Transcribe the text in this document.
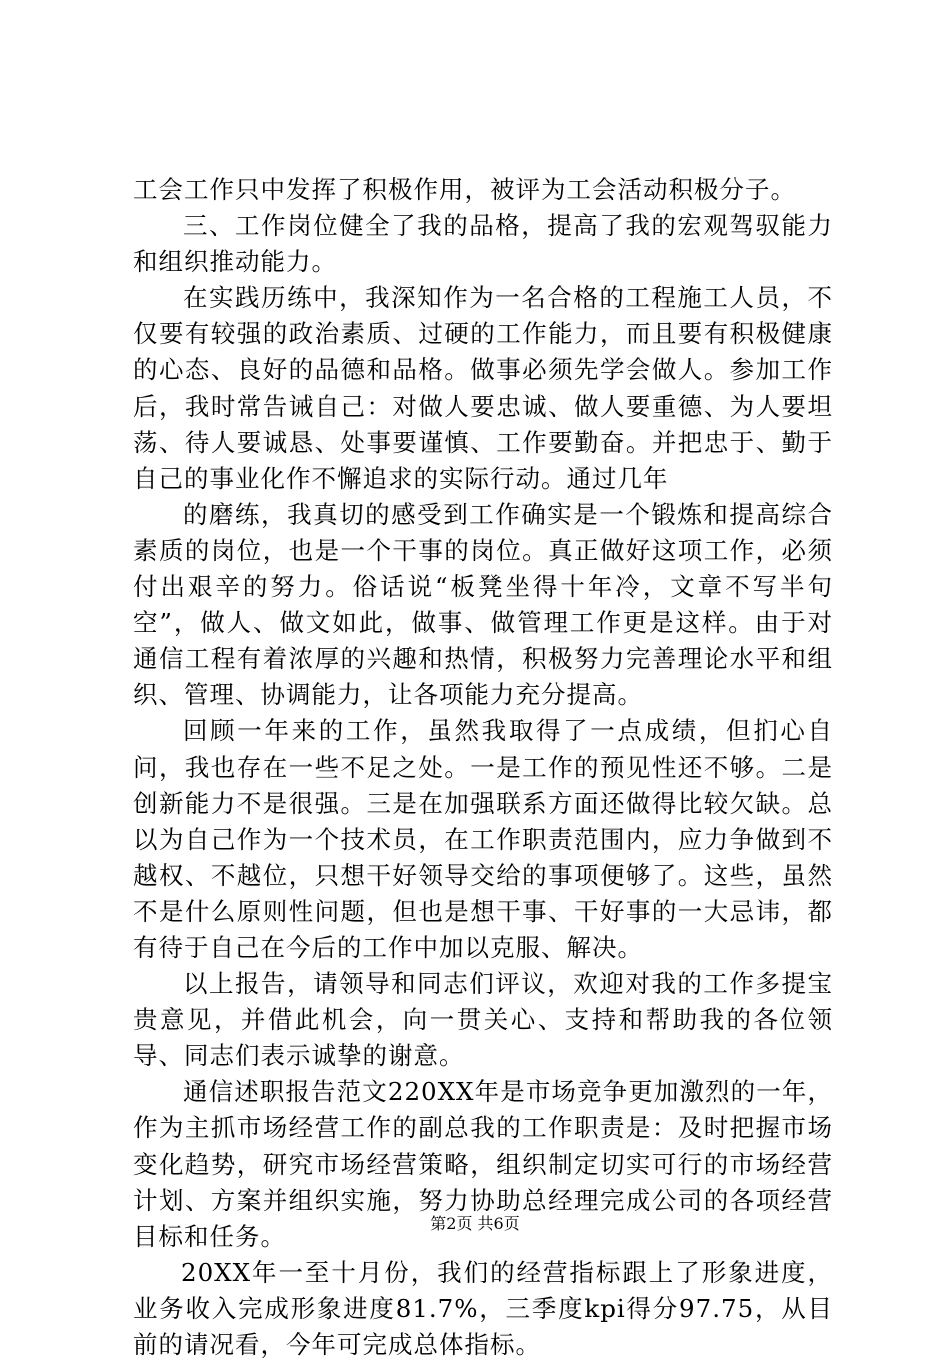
工会工作只中发挥了积极作用，被评为工会活动积极分子。

三、工作岗位健全了我的品格，提高了我的宏观驾驭能力和组织推动能力。

在实践历练中，我深知作为一名合格的工程施工人员，不仅要有较强的政治素质、过硬的工作能力，而且要有积极健康的心态、良好的品德和品格。做事必须先学会做人。参加工作后，我时常告诫自己：对做人要忠诚、做人要重德、为人要坦荡、待人要诚恳、处事要谨慎、工作要勤奋。并把忠于、勤于自己的事业化作不懈追求的实际行动。通过几年

的磨练，我真切的感受到工作确实是一个锻炼和提高综合素质的岗位，也是一个干事的岗位。真正做好这项工作，必须付出艰辛的努力。俗话说“板凳坐得十年冷，文章不写半句空”，做人、做文如此，做事、做管理工作更是这样。由于对通信工程有着浓厚的兴趣和热情，积极努力完善理论水平和组织、管理、协调能力，让各项能力充分提高。

回顾一年来的工作，虽然我取得了一点成绩，但扪心自问，我也存在一些不足之处。一是工作的预见性还不够。二是创新能力不是很强。三是在加强联系方面还做得比较欠缺。总以为自己作为一个技术员，在工作职责范围内，应力争做到不越权、不越位，只想干好领导交给的事项便够了。这些，虽然不是什么原则性问题，但也是想干事、干好事的一大忌讳，都有待于自己在今后的工作中加以克服、解决。

以上报告，请领导和同志们评议，欢迎对我的工作多提宝贵意见，并借此机会，向一贯关心、支持和帮助我的各位领导、同志们表示诚挚的谢意。

通信述职报告范文220XX年是市场竞争更加激烈的一年，作为主抓市场经营工作的副总我的工作职责是：及时把握市场变化趋势，研究市场经营策略，组织制定切实可行的市场经营计划、方案并组织实施，努力协助总经理完成公司的各项经营目标和任务。

20XX年一至十月份，我们的经营指标跟上了形象进度，业务收入完成形象进度81.7%，三季度kpi得分97.75，从目前的请况看，今年可完成总体指标。

第2页 共6页
